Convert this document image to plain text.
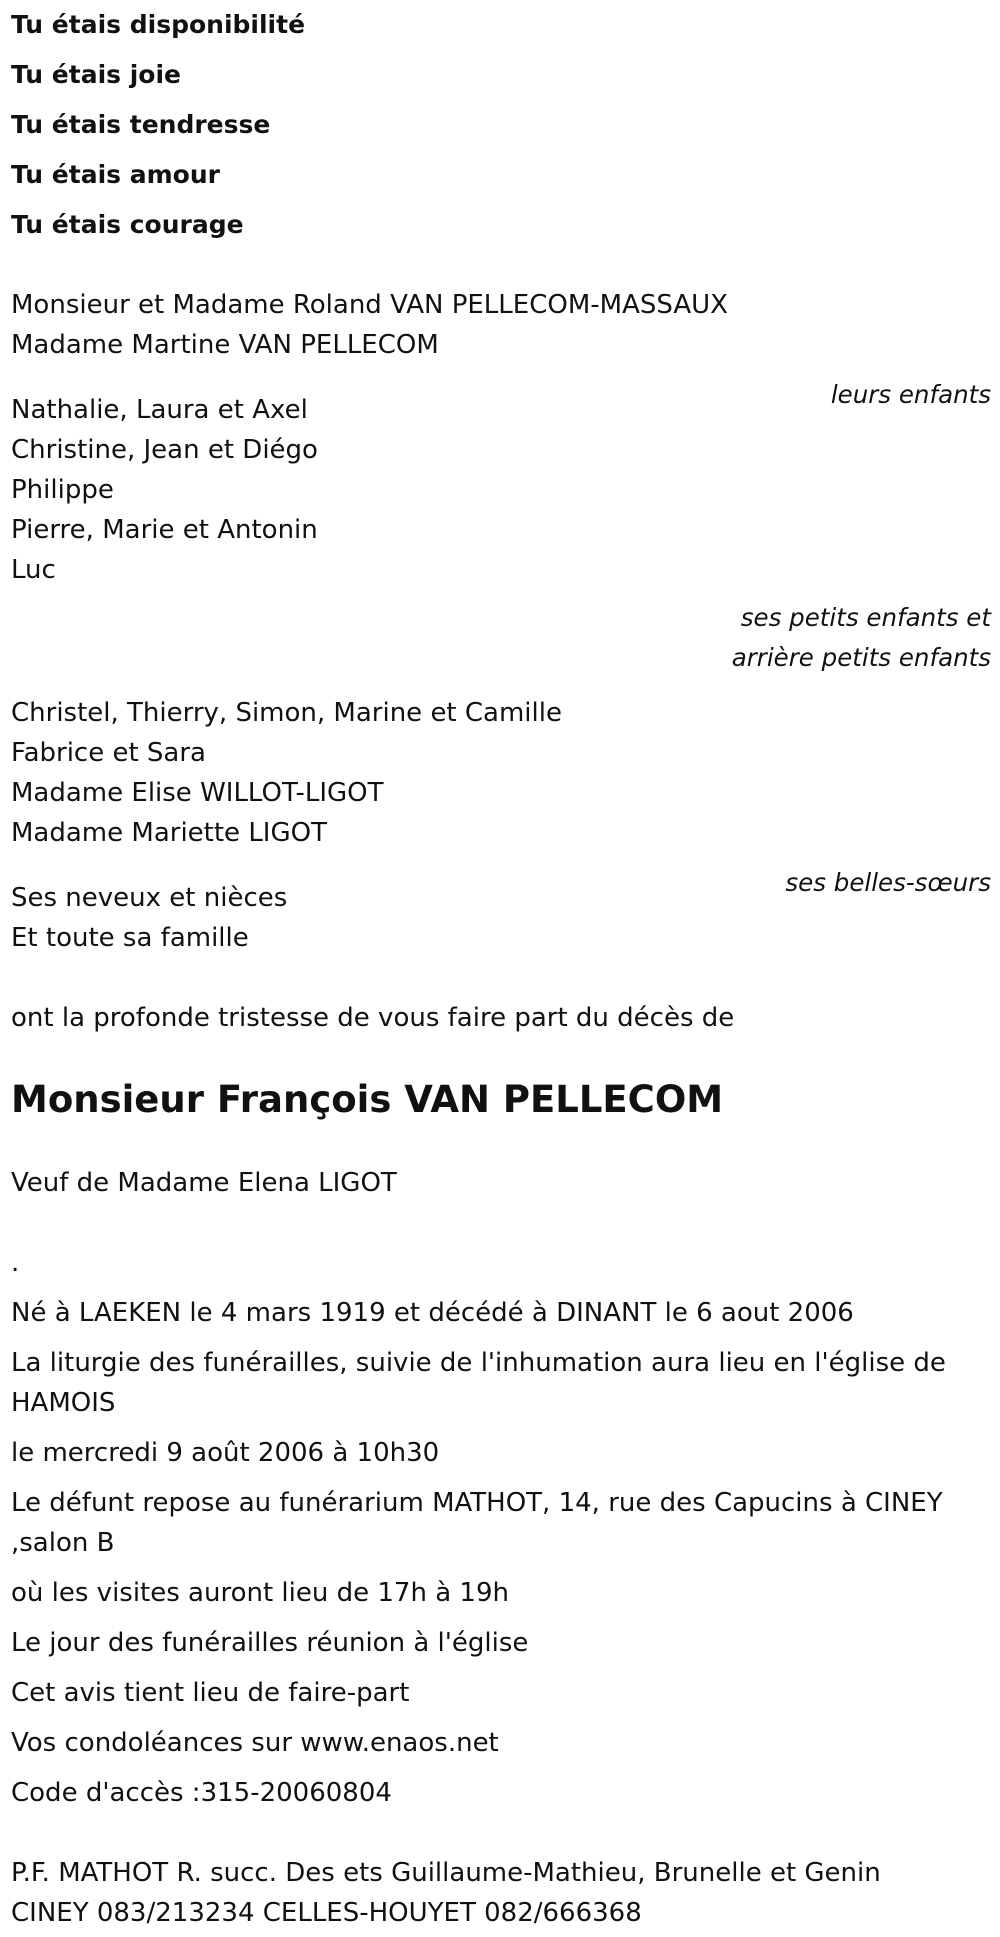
Tu étais disponibilité

Tu étais joie

Tu étais tendresse

Tu étais amour

Tu étais courage

Monsieur et Madame Roland VAN PELLECOM-MASSAUX

Madame Martine VAN PELLECOM

leurs enfants

Nathalie, Laura et Axel

Christine, Jean et Diégo

Philippe

Pierre, Marie et Antonin

Luc

ses petits enfants et arrière petits enfants

Christel, Thierry, Simon, Marine et Camille

Fabrice et Sara

Madame Elise WILLOT-LIGOT

Madame Mariette LIGOT

ses belles-sœurs

Ses neveux et nièces

Et toute sa famille

ont la profonde tristesse de vous faire part du décès de

Monsieur François VAN PELLECOM

Veuf de Madame Elena LIGOT

.

Né à LAEKEN le 4 mars 1919 et décédé à DINANT le 6 aout 2006

La liturgie des funérailles, suivie de l'inhumation aura lieu en l'église de HAMOIS

le mercredi 9 août 2006 à 10h30

Le défunt repose au funérarium MATHOT, 14, rue des Capucins à CINEY ,salon B

où les visites auront lieu de 17h à 19h

Le jour des funérailles réunion à l'église

Cet avis tient lieu de faire-part

Vos condoléances sur www.enaos.net

Code d'accès :315-20060804

P.F. MATHOT R. succ. Des ets Guillaume-Mathieu, Brunelle et Genin

CINEY 083/213234 CELLES-HOUYET 082/666368
